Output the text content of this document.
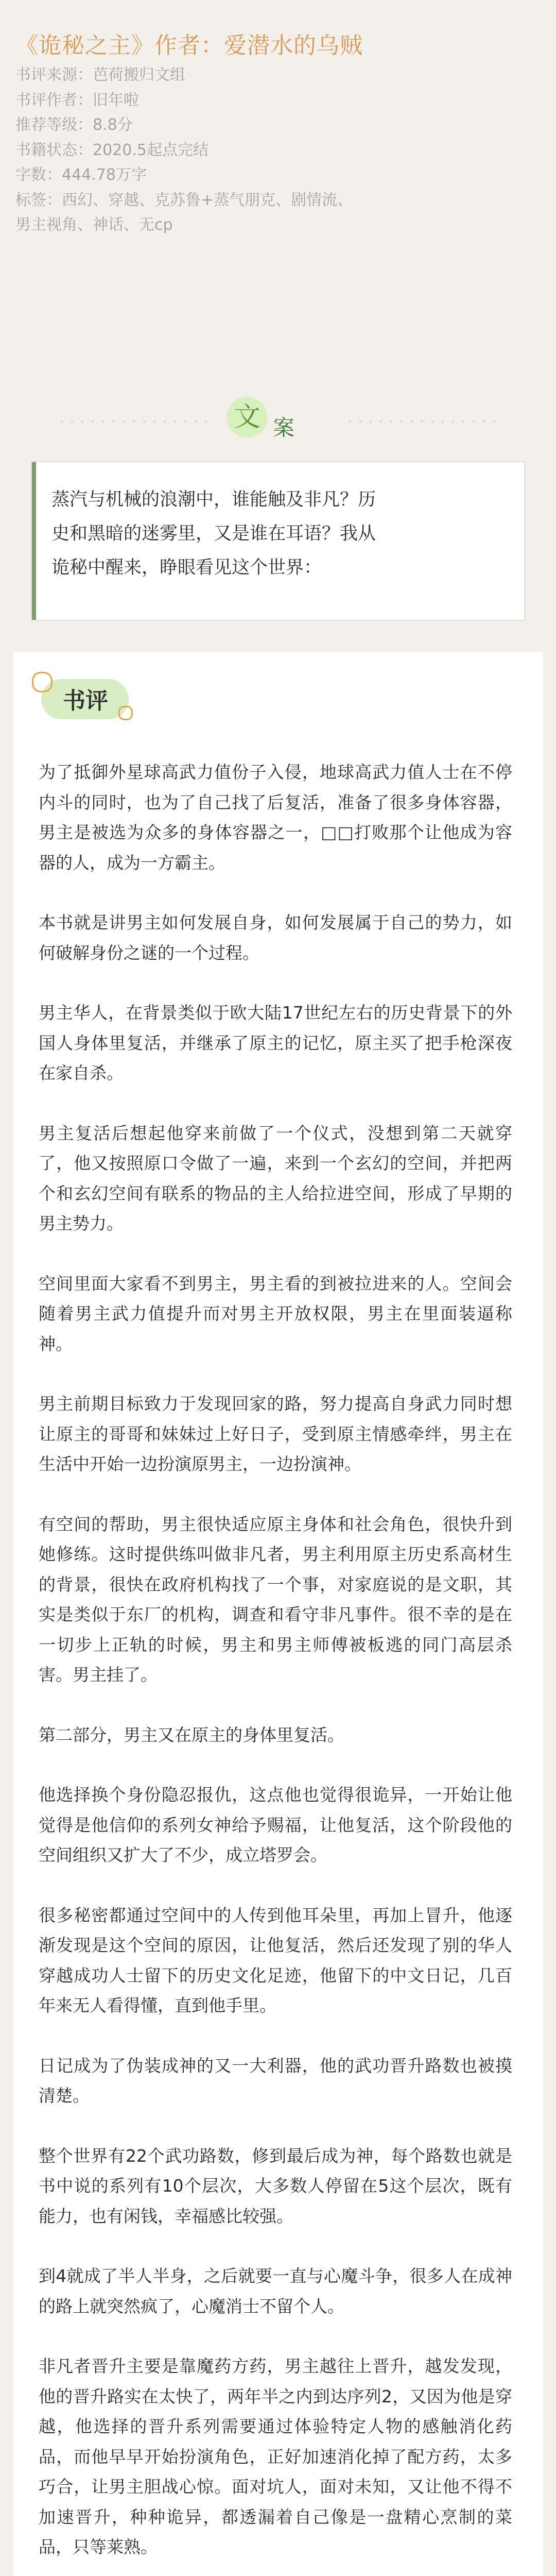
《诡秘之主》作者：爱潜水的乌贼
书评来源：芭荷搬归文组
书评作者：旧年啦
推荐等级：8.8分
书籍状态：2020.5起点完结
字数：444.78万字
标签：西幻、穿越、克苏鲁+蒸气朋克、剧情流、
男主视角、神话、无cp
文 案
蒸汽与机械的浪潮中，谁能触及非凡？历
史和黑暗的迷雾里，又是谁在耳语？我从
诡秘中醒来，睁眼看见这个世界：
书评

为了抵御外星球高武力值份子入侵，地球高武力值人士在不停内斗的同时，也为了自己找了后复活，准备了很多身体容器，男主是被选为众多的身体容器之一，□□打败那个让他成为容器的人，成为一方霸主。

本书就是讲男主如何发展自身，如何发展属于自己的势力，如何破解身份之谜的一个过程。

男主华人，在背景类似于欧大陆17世纪左右的历史背景下的外国人身体里复活，并继承了原主的记忆，原主买了把手枪深夜在家自杀。

男主复活后想起他穿来前做了一个仪式，没想到第二天就穿了，他又按照原口令做了一遍，来到一个玄幻的空间，并把两个和玄幻空间有联系的物品的主人给拉进空间，形成了早期的男主势力。

空间里面大家看不到男主，男主看的到被拉进来的人。空间会随着男主武力值提升而对男主开放权限，男主在里面装逼称神。

男主前期目标致力于发现回家的路，努力提高自身武力同时想让原主的哥哥和妹妹过上好日子，受到原主情感牵绊，男主在生活中开始一边扮演原男主，一边扮演神。

有空间的帮助，男主很快适应原主身体和社会角色，很快升到她修练。这时提供练叫做非凡者，男主利用原主历史系高材生的背景，很快在政府机构找了一个事，对家庭说的是文职，其实是类似于东厂的机构，调查和看守非凡事件。很不幸的是在一切步上正轨的时候，男主和男主师傅被板逃的同门高层杀害。男主挂了。

第二部分，男主又在原主的身体里复活。

他选择换个身份隐忍报仇，这点他也觉得很诡异，一开始让他觉得是他信仰的系列女神给予赐福，让他复活，这个阶段他的空间组织又扩大了不少，成立塔罗会。

很多秘密都通过空间中的人传到他耳朵里，再加上冒升，他逐渐发现是这个空间的原因，让他复活，然后还发现了别的华人穿越成功人士留下的历史文化足迹，他留下的中文日记，几百年来无人看得懂，直到他手里。

日记成为了伪装成神的又一大利器，他的武功晋升路数也被摸清楚。

整个世界有22个武功路数，修到最后成为神，每个路数也就是书中说的系列有10个层次，大多数人停留在5这个层次，既有能力，也有闲钱，幸福感比较强。

到4就成了半人半身，之后就要一直与心魔斗争，很多人在成神的路上就突然疯了，心魔消士不留个人。

非凡者晋升主要是靠魔药方药，男主越往上晋升，越发发现，他的晋升路实在太快了，两年半之内到达序列2，又因为他是穿越，他选择的晋升系列需要通过体验特定人物的感触消化药品，而他早早开始扮演角色，正好加速消化掉了配方药，太多巧合，让男主胆战心惊。面对坑人，面对未知，又让他不得不加速晋升，种种诡异，都透漏着自己像是一盘精心烹制的菜品，只等莱熟。
